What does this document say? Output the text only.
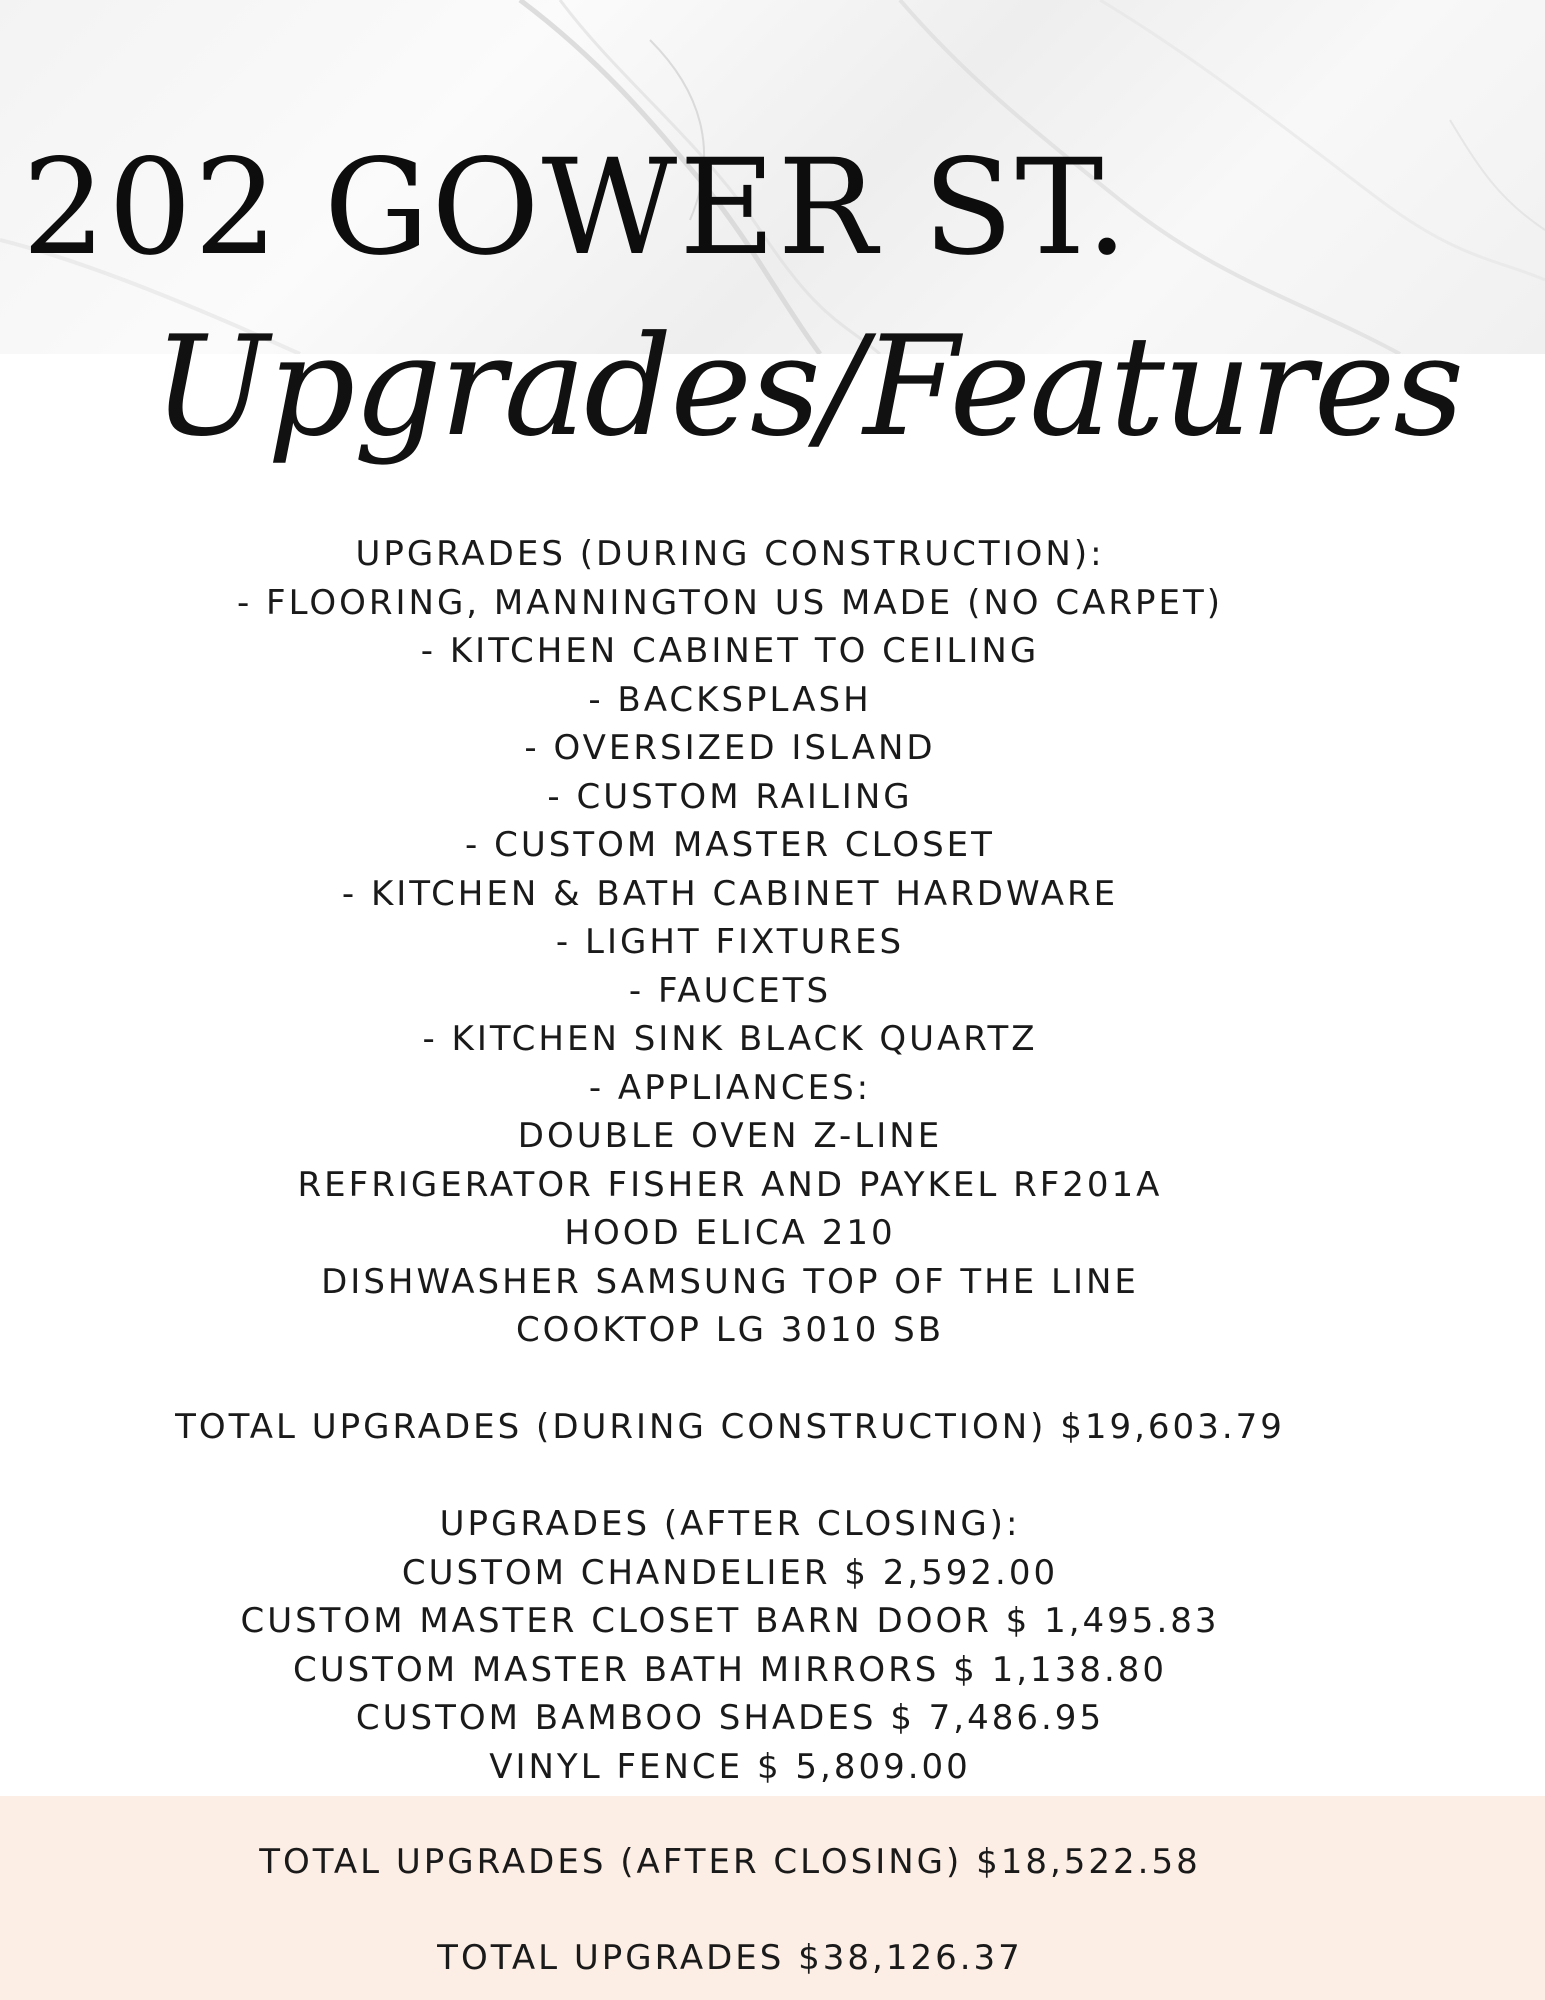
202 GOWER ST.
Upgrades/Features
UPGRADES (DURING CONSTRUCTION):
- FLOORING, MANNINGTON US MADE (NO CARPET)
- KITCHEN CABINET TO CEILING
- BACKSPLASH
- OVERSIZED ISLAND
- CUSTOM RAILING
- CUSTOM MASTER CLOSET
- KITCHEN & BATH CABINET HARDWARE
- LIGHT FIXTURES
- FAUCETS
- KITCHEN SINK BLACK QUARTZ
- APPLIANCES:
DOUBLE OVEN Z-LINE
REFRIGERATOR FISHER AND PAYKEL RF201A
HOOD ELICA 210
DISHWASHER SAMSUNG TOP OF THE LINE
COOKTOP LG 3010 SB
TOTAL UPGRADES (DURING CONSTRUCTION) $19,603.79
UPGRADES (AFTER CLOSING):
CUSTOM CHANDELIER $ 2,592.00
CUSTOM MASTER CLOSET BARN DOOR $ 1,495.83
CUSTOM MASTER BATH MIRRORS $ 1,138.80
CUSTOM BAMBOO SHADES $ 7,486.95
VINYL FENCE $ 5,809.00
TOTAL UPGRADES (AFTER CLOSING) $18,522.58
TOTAL UPGRADES $38,126.37
